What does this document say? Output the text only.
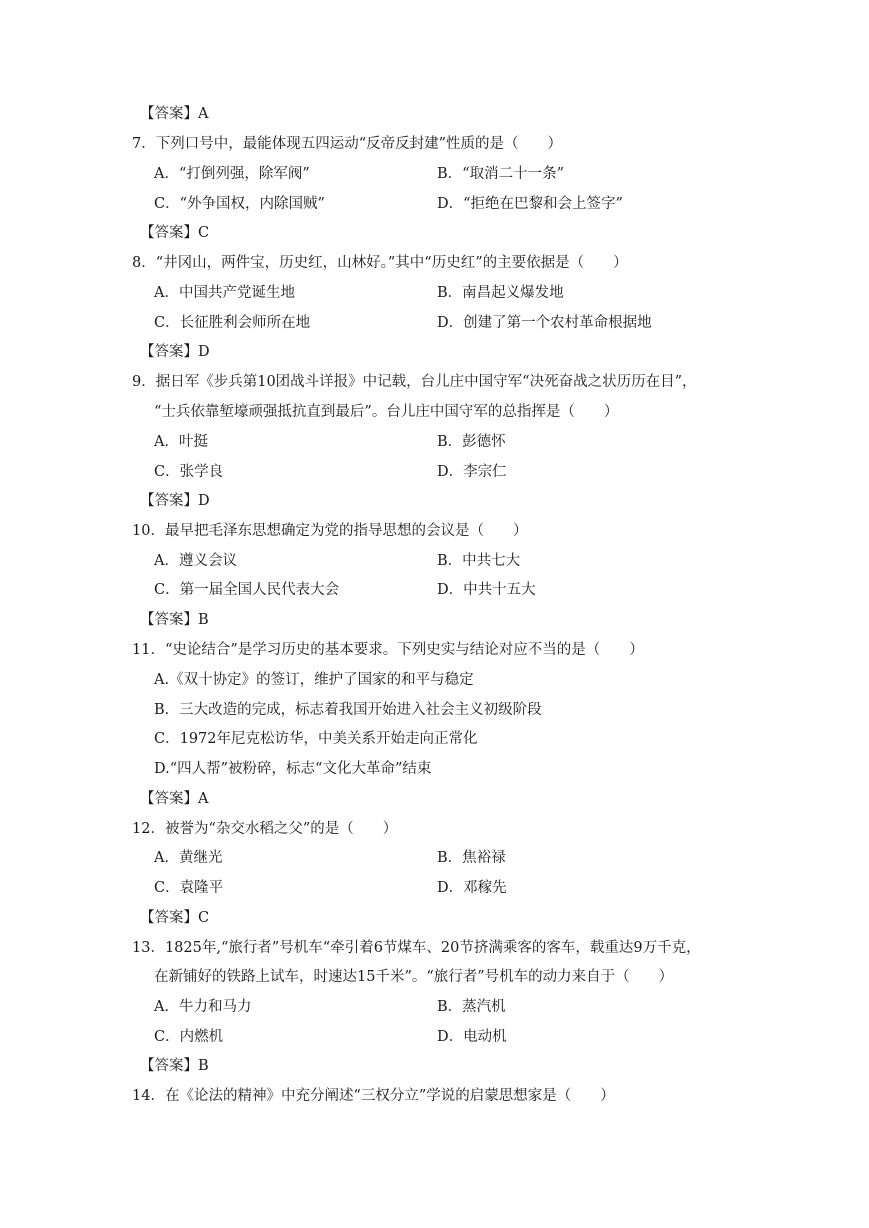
【答案】A
7．下列口号中，最能体现五四运动“反帝反封建”性质的是（　　）
A．“打倒列强，除军阀”	B．“取消二十一条”
C．“外争国权，内除国贼”	D．“拒绝在巴黎和会上签字”
【答案】C
8．“井冈山，两件宝，历史红，山林好。”其中“历史红”的主要依据是（　　）
A．中国共产党诞生地	B．南昌起义爆发地
C．长征胜利会师所在地	D．创建了第一个农村革命根据地
【答案】D
9．据日军《步兵第10团战斗详报》中记载，台儿庄中国守军“决死奋战之状历历在目”，
“士兵依靠堑壕顽强抵抗直到最后”。台儿庄中国守军的总指挥是（　　）
A．叶挺	B．彭德怀
C．张学良	D．李宗仁
【答案】D
10．最早把毛泽东思想确定为党的指导思想的会议是（　　）
A．遵义会议	B．中共七大
C．第一届全国人民代表大会	D．中共十五大
【答案】B
11．“史论结合”是学习历史的基本要求。下列史实与结论对应不当的是（　　）
A.《双十协定》的签订，维护了国家的和平与稳定
B．三大改造的完成，标志着我国开始进入社会主义初级阶段
C．1972年尼克松访华，中美关系开始走向正常化
D.“四人帮”被粉碎，标志“文化大革命”结束
【答案】A
12．被誉为“杂交水稻之父”的是（　　）
A．黄继光	B．焦裕禄
C．袁隆平	D．邓稼先
【答案】C
13．1825年,“旅行者”号机车“牵引着6节煤车、20节挤满乘客的客车，载重达9万千克，
在新铺好的铁路上试车，时速达15千米”。“旅行者”号机车的动力来自于（　　）
A．牛力和马力	B．蒸汽机
C．内燃机	D．电动机
【答案】B
14．在《论法的精神》中充分阐述“三权分立”学说的启蒙思想家是（　　）
